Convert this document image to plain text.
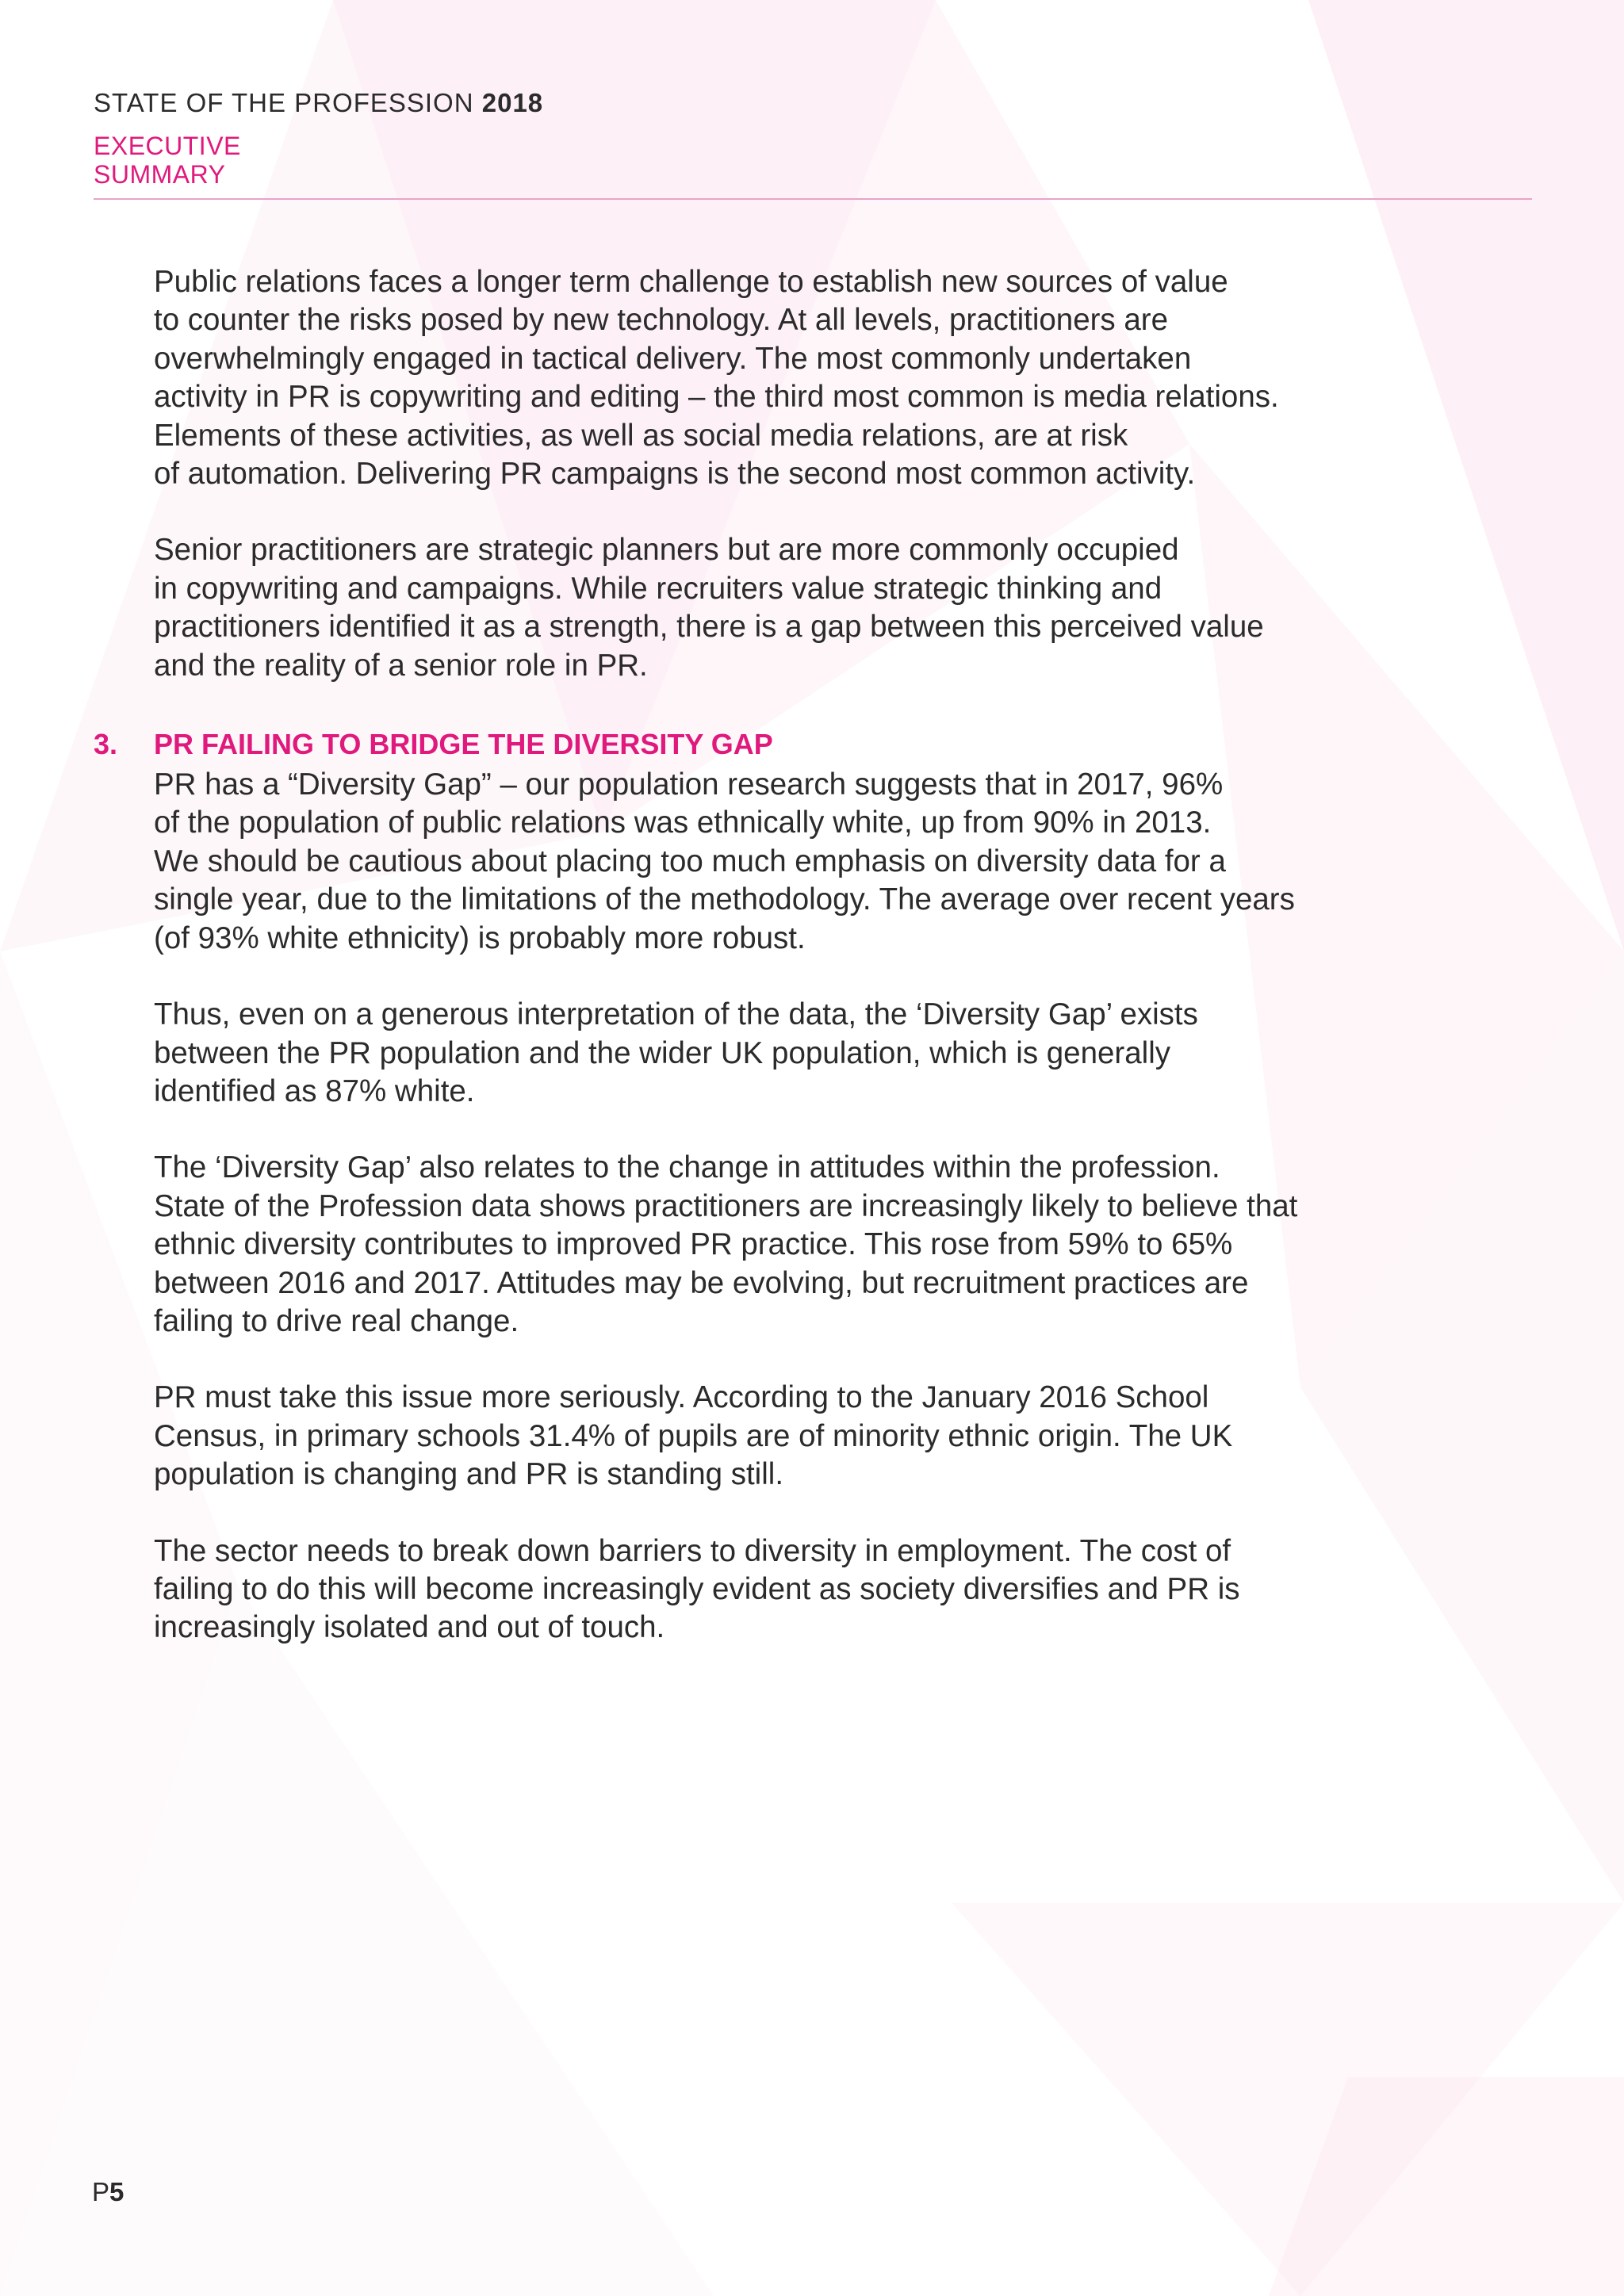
STATE OF THE PROFESSION 2018
EXECUTIVE
SUMMARY

Public relations faces a longer term challenge to establish new sources of value
to counter the risks posed by new technology. At all levels, practitioners are
overwhelmingly engaged in tactical delivery. The most commonly undertaken
activity in PR is copywriting and editing – the third most common is media relations.
Elements of these activities, as well as social media relations, are at risk
of automation. Delivering PR campaigns is the second most common activity.

Senior practitioners are strategic planners but are more commonly occupied
in copywriting and campaigns. While recruiters value strategic thinking and
practitioners identified it as a strength, there is a gap between this perceived value
and the reality of a senior role in PR.

3.	PR FAILING TO BRIDGE THE DIVERSITY GAP

PR has a “Diversity Gap” – our population research suggests that in 2017, 96%
of the population of public relations was ethnically white, up from 90% in 2013.
We should be cautious about placing too much emphasis on diversity data for a
single year, due to the limitations of the methodology. The average over recent years
(of 93% white ethnicity) is probably more robust.

Thus, even on a generous interpretation of the data, the ‘Diversity Gap’ exists
between the PR population and the wider UK population, which is generally
identified as 87% white.

The ‘Diversity Gap’ also relates to the change in attitudes within the profession.
State of the Profession data shows practitioners are increasingly likely to believe that
ethnic diversity contributes to improved PR practice. This rose from 59% to 65%
between 2016 and 2017. Attitudes may be evolving, but recruitment practices are
failing to drive real change.

PR must take this issue more seriously. According to the January 2016 School
Census, in primary schools 31.4% of pupils are of minority ethnic origin. The UK
population is changing and PR is standing still.

The sector needs to break down barriers to diversity in employment. The cost of
failing to do this will become increasingly evident as society diversifies and PR is
increasingly isolated and out of touch.

P5
